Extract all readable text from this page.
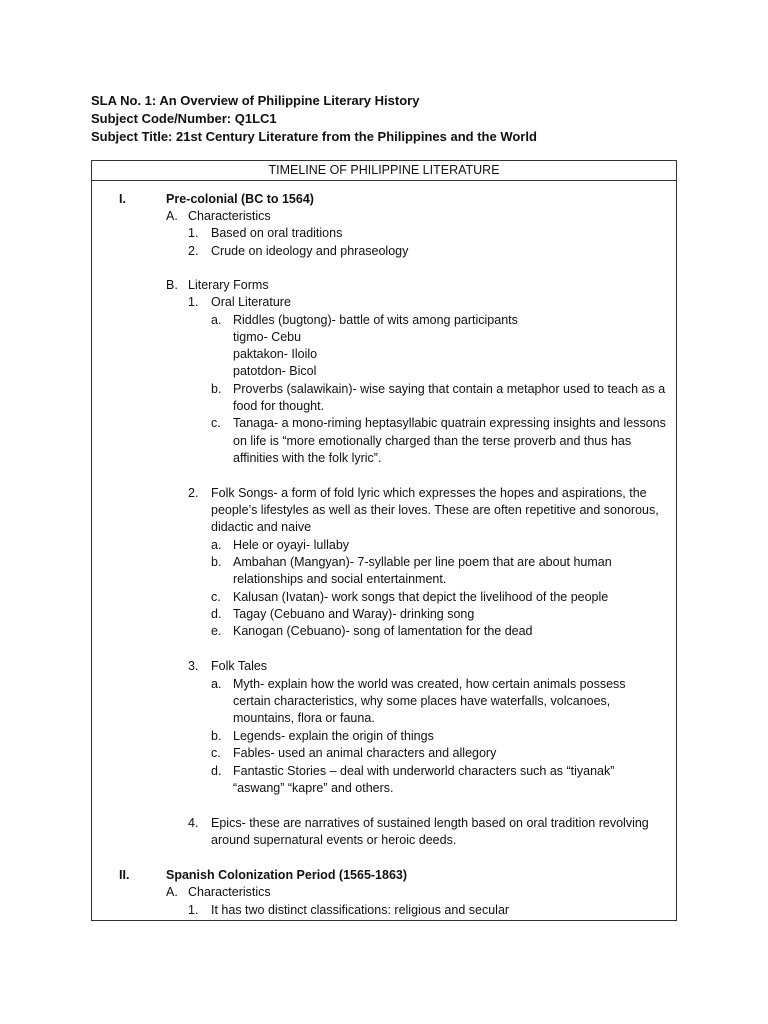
SLA No. 1: An Overview of Philippine Literary History
Subject Code/Number: Q1LC1
Subject Title: 21st Century Literature from the Philippines and the World
TIMELINE OF PHILIPPINE LITERATURE
I.	Pre-colonial (BC to 1564)
A. Characteristics
1. Based on oral traditions
2. Crude on ideology and phraseology
B. Literary Forms
1. Oral Literature
a. Riddles (bugtong)- battle of wits among participants
tigmo- Cebu
paktakon- Iloilo
patotdon- Bicol
b. Proverbs (salawikain)- wise saying that contain a metaphor used to teach as a
food for thought.
c. Tanaga- a mono-riming heptasyllabic quatrain expressing insights and lessons
on life is “more emotionally charged than the terse proverb and thus has
affinities with the folk lyric”.
2. Folk Songs- a form of fold lyric which expresses the hopes and aspirations, the
people’s lifestyles as well as their loves. These are often repetitive and sonorous,
didactic and naive
a. Hele or oyayi- lullaby
b. Ambahan (Mangyan)- 7-syllable per line poem that are about human
relationships and social entertainment.
c. Kalusan (Ivatan)- work songs that depict the livelihood of the people
d. Tagay (Cebuano and Waray)- drinking song
e. Kanogan (Cebuano)- song of lamentation for the dead
3. Folk Tales
a. Myth- explain how the world was created, how certain animals possess
certain characteristics, why some places have waterfalls, volcanoes,
mountains, flora or fauna.
b. Legends- explain the origin of things
c. Fables- used an animal characters and allegory
d. Fantastic Stories – deal with underworld characters such as “tiyanak”
“aswang” “kapre” and others.
4. Epics- these are narratives of sustained length based on oral tradition revolving
around supernatural events or heroic deeds.
II.	Spanish Colonization Period (1565-1863)
A. Characteristics
1. It has two distinct classifications: religious and secular
